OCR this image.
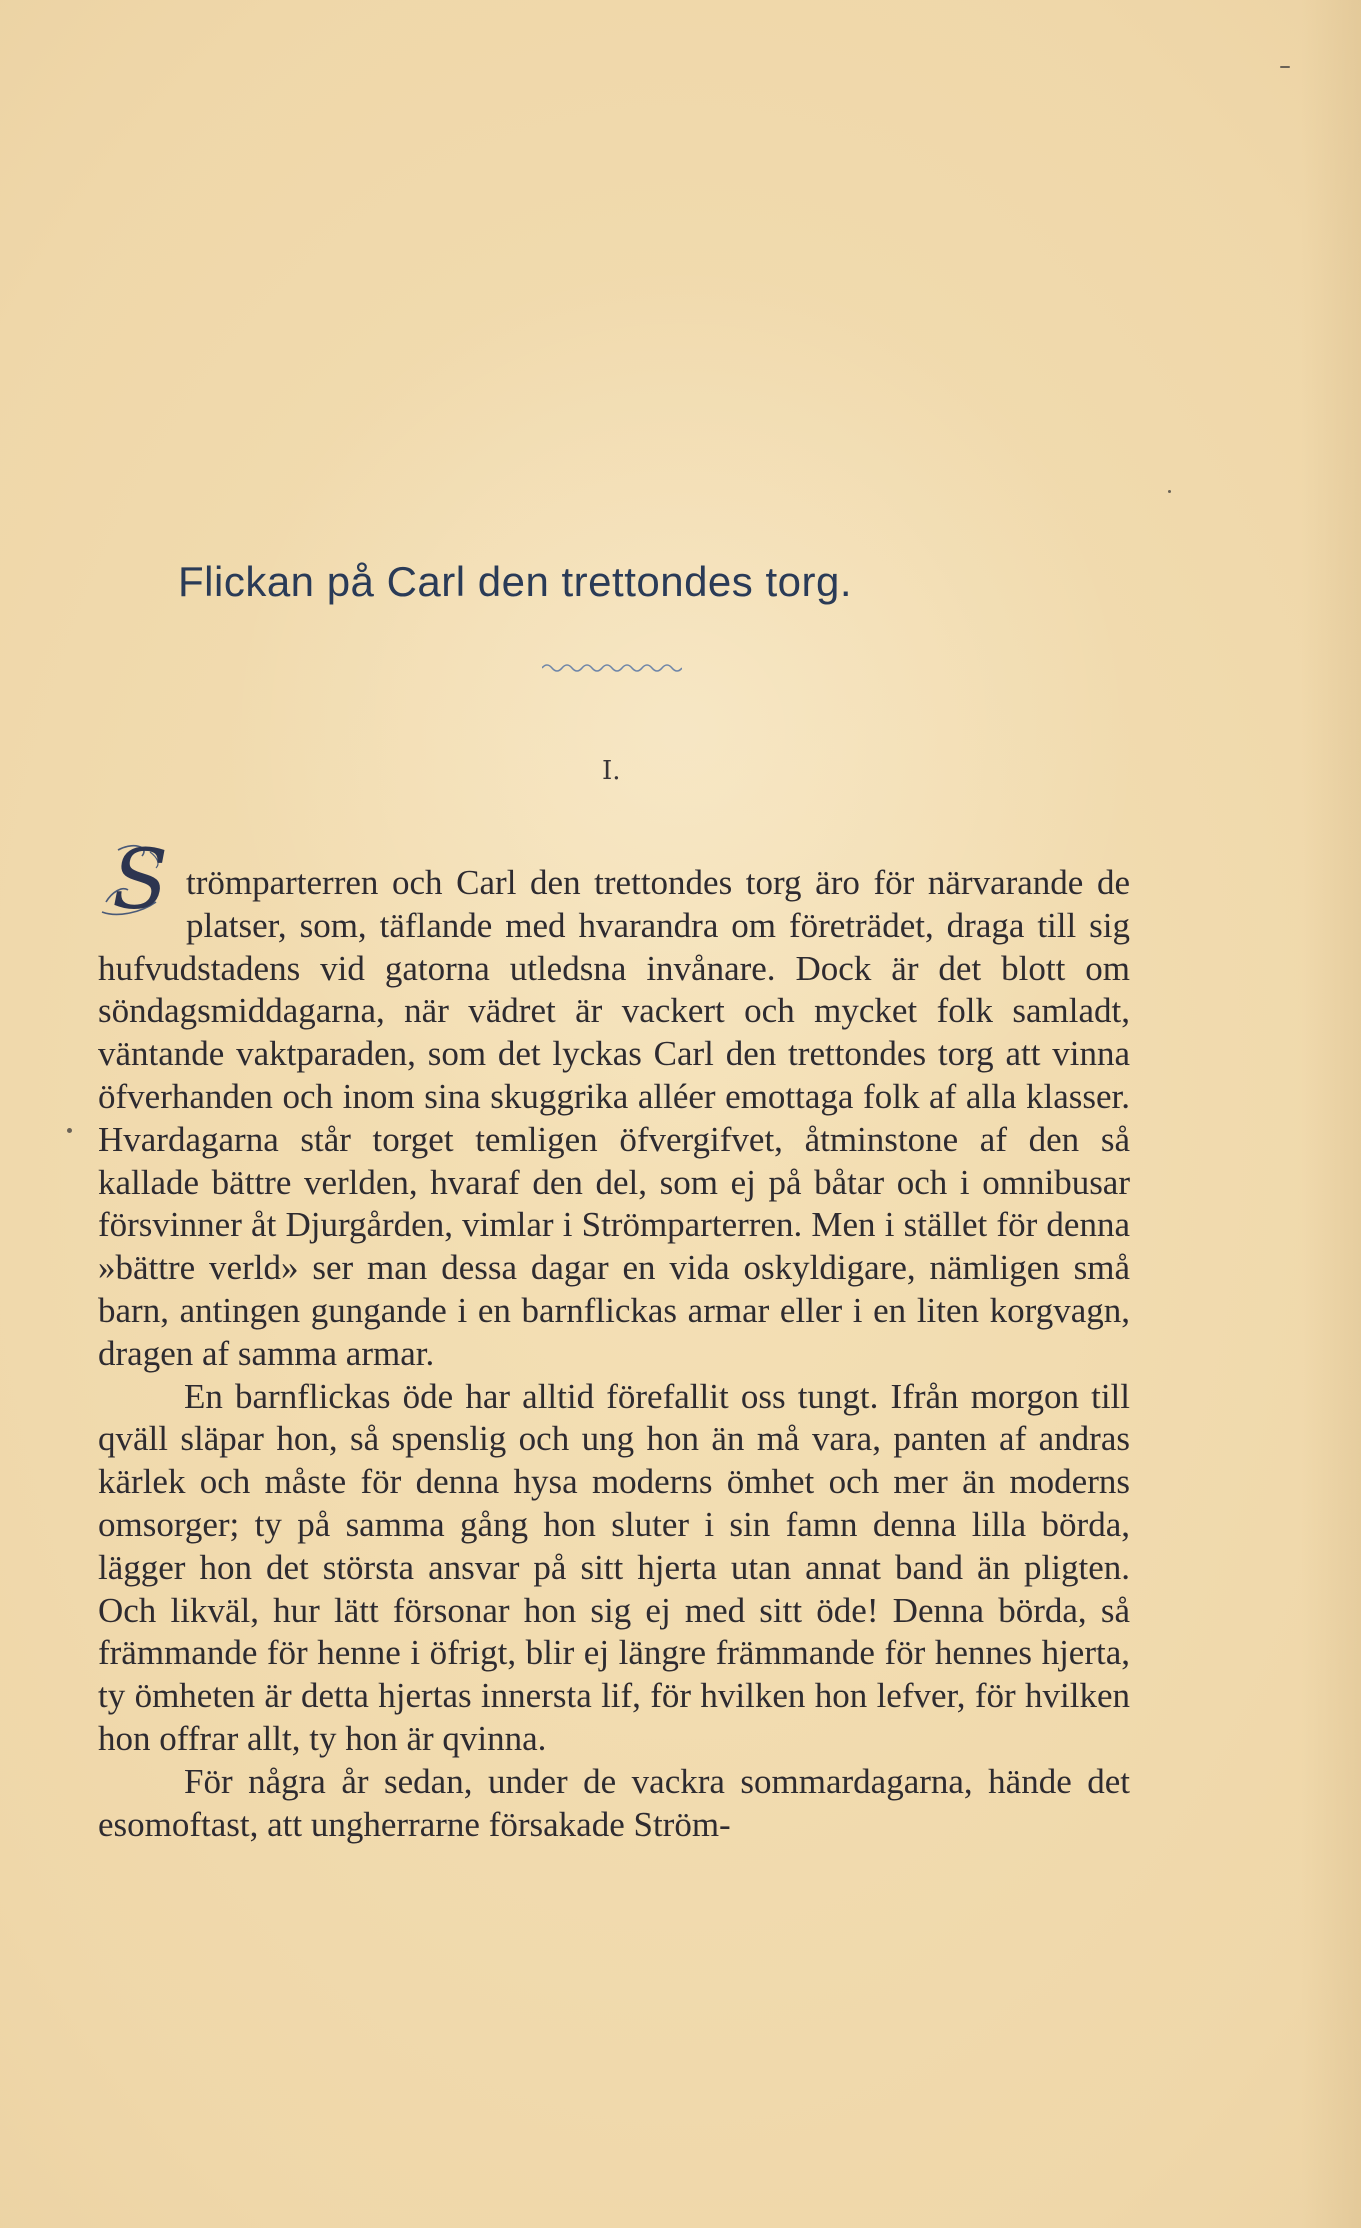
Flickan på Carl den trettondes torg.
I.

S trömparterren och Carl den trettondes torg äro för närvarande de platser, som, täflande med hvarandra om företrädet, draga till sig hufvudstadens vid gatorna utledsna invånare. Dock är det blott om söndagsmiddagarna, när vädret är vackert och mycket folk samladt, väntande vaktparaden, som det lyckas Carl den trettondes torg att vinna öfverhanden och inom sina skuggrika alléer emottaga folk af alla klasser. Hvardagarna står torget temligen öfvergifvet, åtminstone af den så kallade bättre verlden, hvaraf den del, som ej på båtar och i omnibusar försvinner åt Djurgården, vimlar i Strömparterren. Men i stället för denna »bättre verld» ser man dessa dagar en vida oskyldigare, nämligen små barn, antingen gungande i en barnflickas armar eller i en liten korgvagn, dragen af samma armar.

En barnflickas öde har alltid förefallit oss tungt. Ifrån morgon till qväll släpar hon, så spenslig och ung hon än må vara, panten af andras kärlek och måste för denna hysa moderns ömhet och mer än moderns omsorger; ty på samma gång hon sluter i sin famn denna lilla börda, lägger hon det största ansvar på sitt hjerta utan annat band än pligten. Och likväl, hur lätt försonar hon sig ej med sitt öde! Denna börda, så främmande för henne i öfrigt, blir ej längre främmande för hennes hjerta, ty ömheten är detta hjertas innersta lif, för hvilken hon lefver, för hvilken hon offrar allt, ty hon är qvinna.

För några år sedan, under de vackra sommardagarna, hände det esomoftast, att ungherrarne försakade Ström-
